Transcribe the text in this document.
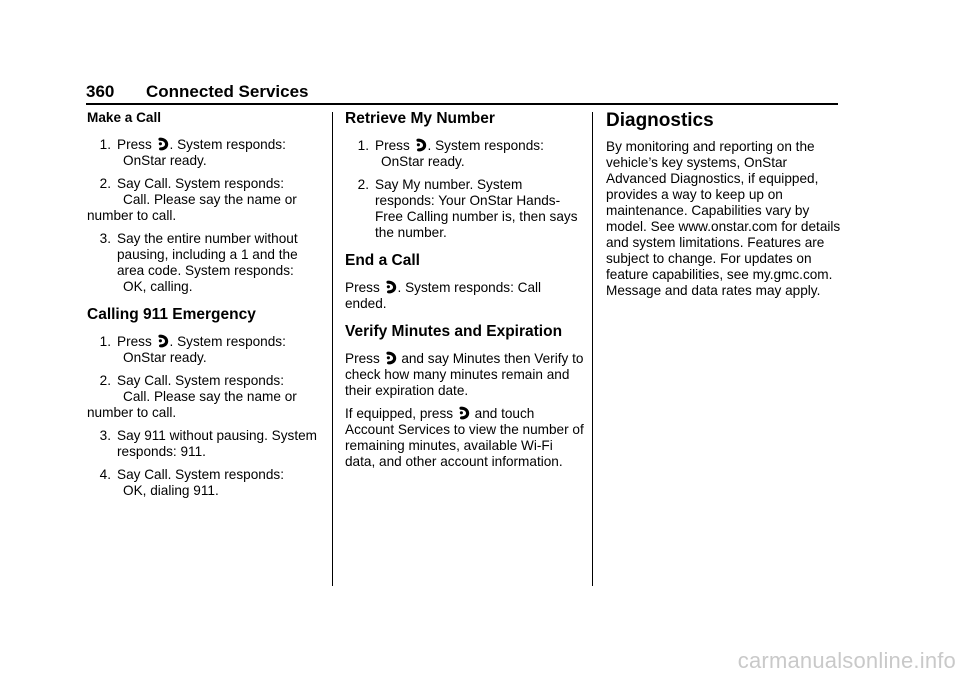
360 Connected Services
Make a Call
1. Press . System responds:
OnStar ready.
2. Say Call. System responds:
Call. Please say the name or
number to call.
3. Say the entire number without pausing, including a 1 and the area code. System responds:
OK, calling.
Calling 911 Emergency
1. Press . System responds:
OnStar ready.
2. Say Call. System responds:
Call. Please say the name or
number to call.
3. Say 911 without pausing. System responds: 911.
4. Say Call. System responds:
OK, dialing 911.
Retrieve My Number
1. Press . System responds:
OnStar ready.
2. Say My number. System responds: Your OnStar Hands-Free Calling number is, then says the number.
End a Call

Press . System responds: Call ended.

Verify Minutes and Expiration

Press and say Minutes then Verify to check how many minutes remain and their expiration date.

If equipped, press and touch Account Services to view the number of remaining minutes, available Wi-Fi data, and other account information.

Diagnostics

By monitoring and reporting on the vehicle’s key systems, OnStar Advanced Diagnostics, if equipped, provides a way to keep up on maintenance. Capabilities vary by model. See www.onstar.com for details and system limitations. Features are subject to change. For updates on feature capabilities, see my.gmc.com. Message and data rates may apply.

carmanualsonline.info
